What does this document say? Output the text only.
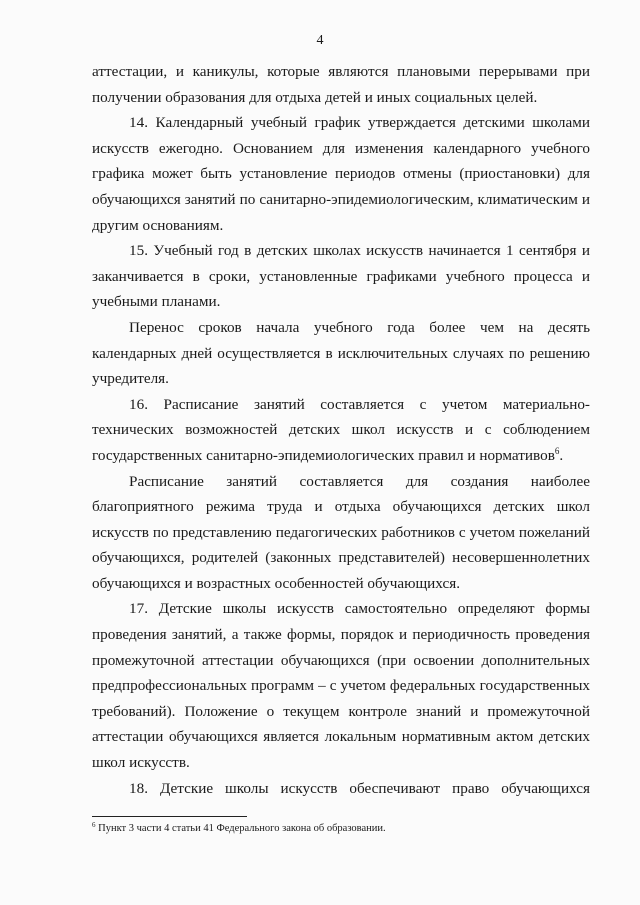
4

аттестации, и каникулы, которые являются плановыми перерывами при получении образования для отдыха детей и иных социальных целей.

14. Календарный учебный график утверждается детскими школами искусств ежегодно. Основанием для изменения календарного учебного графика может быть установление периодов отмены (приостановки) для обучающихся занятий по санитарно-эпидемиологическим, климатическим и другим основаниям.

15. Учебный год в детских школах искусств начинается 1 сентября и заканчивается в сроки, установленные графиками учебного процесса и учебными планами.

Перенос сроков начала учебного года более чем на десять календарных дней осуществляется в исключительных случаях по решению учредителя.

16. Расписание занятий составляется с учетом материально-технических возможностей детских школ искусств и с соблюдением государственных санитарно-эпидемиологических правил и нормативов$^6$.

Расписание занятий составляется для создания наиболее благоприятного режима труда и отдыха обучающихся детских школ искусств по представлению педагогических работников с учетом пожеланий обучающихся, родителей (законных представителей) несовершеннолетних обучающихся и возрастных особенностей обучающихся.

17. Детские школы искусств самостоятельно определяют формы проведения занятий, а также формы, порядок и периодичность проведения промежуточной аттестации обучающихся (при освоении дополнительных предпрофессиональных программ – с учетом федеральных государственных требований). Положение о текущем контроле знаний и промежуточной аттестации обучающихся является локальным нормативным актом детских школ искусств.

18. Детские школы искусств обеспечивают право обучающихся

$^6$ Пункт 3 части 4 статьи 41 Федерального закона об образовании.
